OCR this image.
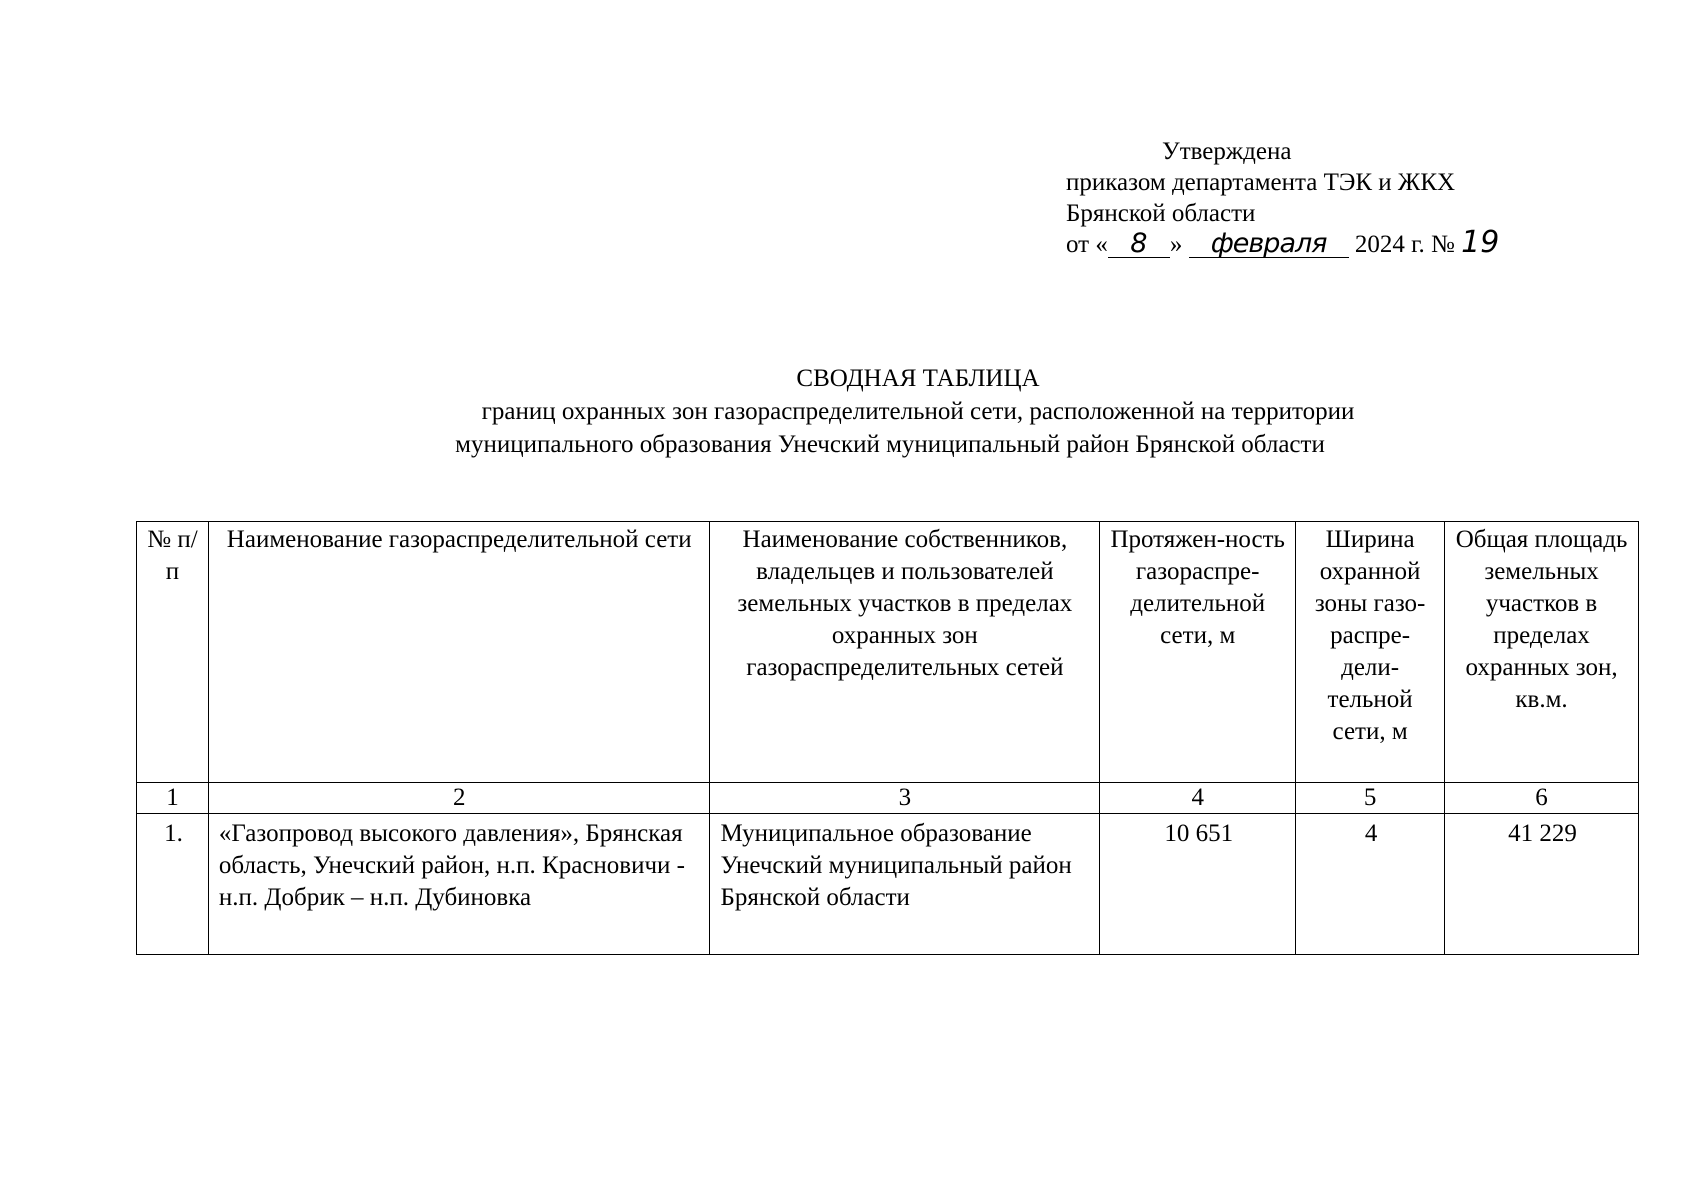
Утверждена
приказом департамента ТЭК и ЖКХ
Брянской области
от « 8 » февраля 2024 г. № 19
СВОДНАЯ ТАБЛИЦА
границ охранных зон газораспределительной сети, расположенной на территории
муниципального образования Унечский муниципальный район Брянской области
№ п/п	Наименование газораспределительной сети	Наименование собственников, владельцев и пользователей земельных участков в пределах охранных зон газораспределительных сетей	Протяжен-ность газораспре-делительной сети, м	Ширина охранной зоны газо-распре-дели-тельной сети, м	Общая площадь земельных участков в пределах охранных зон, кв.м.
1	2	3	4	5	6
1.	«Газопровод высокого давления», Брянская область, Унечский район, н.п. Красновичи - н.п. Добрик – н.п. Дубиновка	Муниципальное образование Унечский муниципальный район Брянской области	10 651	4	41 229
